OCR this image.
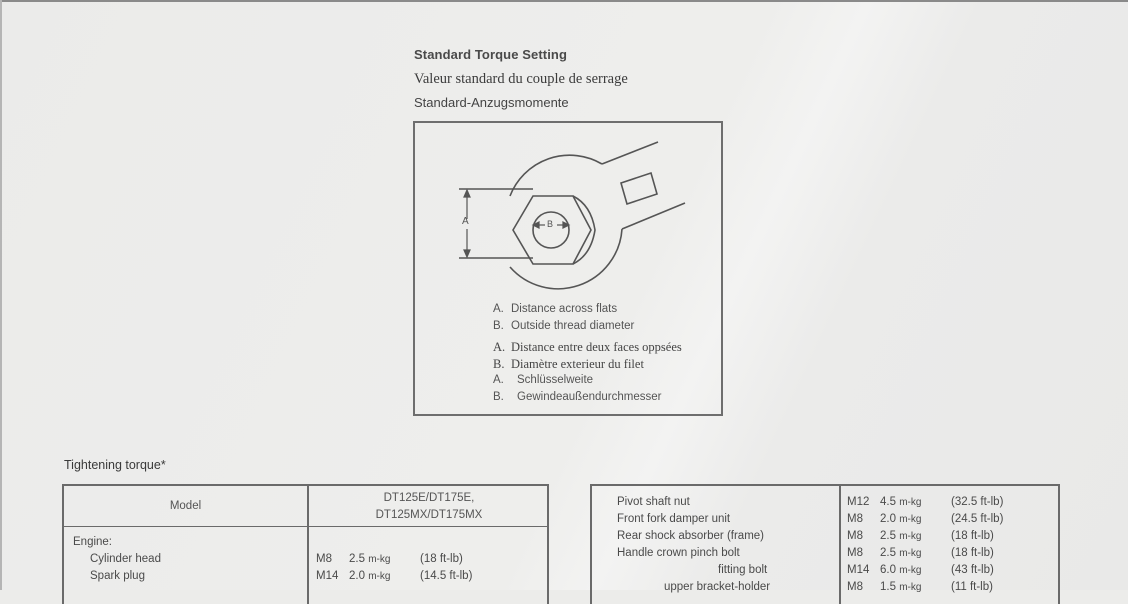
Standard Torque Setting
Valeur standard du couple de serrage
Standard-Anzugsmomente
A	B
A. Distance across flats
B. Outside thread diameter
A. Distance entre deux faces oppsées
B. Diamètre exterieur du filet
A. Schlüsselweite
B. Gewindeaußendurchmesser
Tightening torque*
Model
DT125E/DT175E,
DT125MX/DT175MX
Engine:
Cylinder head	M8 2.5 m-kg	(18 ft-lb)
Spark plug	M14 2.0 m-kg	(14.5 ft-lb)
Pivot shaft nut	M12 4.5 m-kg	(32.5 ft-lb)
Front fork damper unit	M8 2.0 m-kg	(24.5 ft-lb)
Rear shock absorber (frame)	M8 2.5 m-kg	(18 ft-lb)
Handle crown pinch bolt	M8 2.5 m-kg	(18 ft-lb)
fitting bolt	M14 6.0 m-kg	(43 ft-lb)
upper bracket-holder	M8 1.5 m-kg	(11 ft-lb)
